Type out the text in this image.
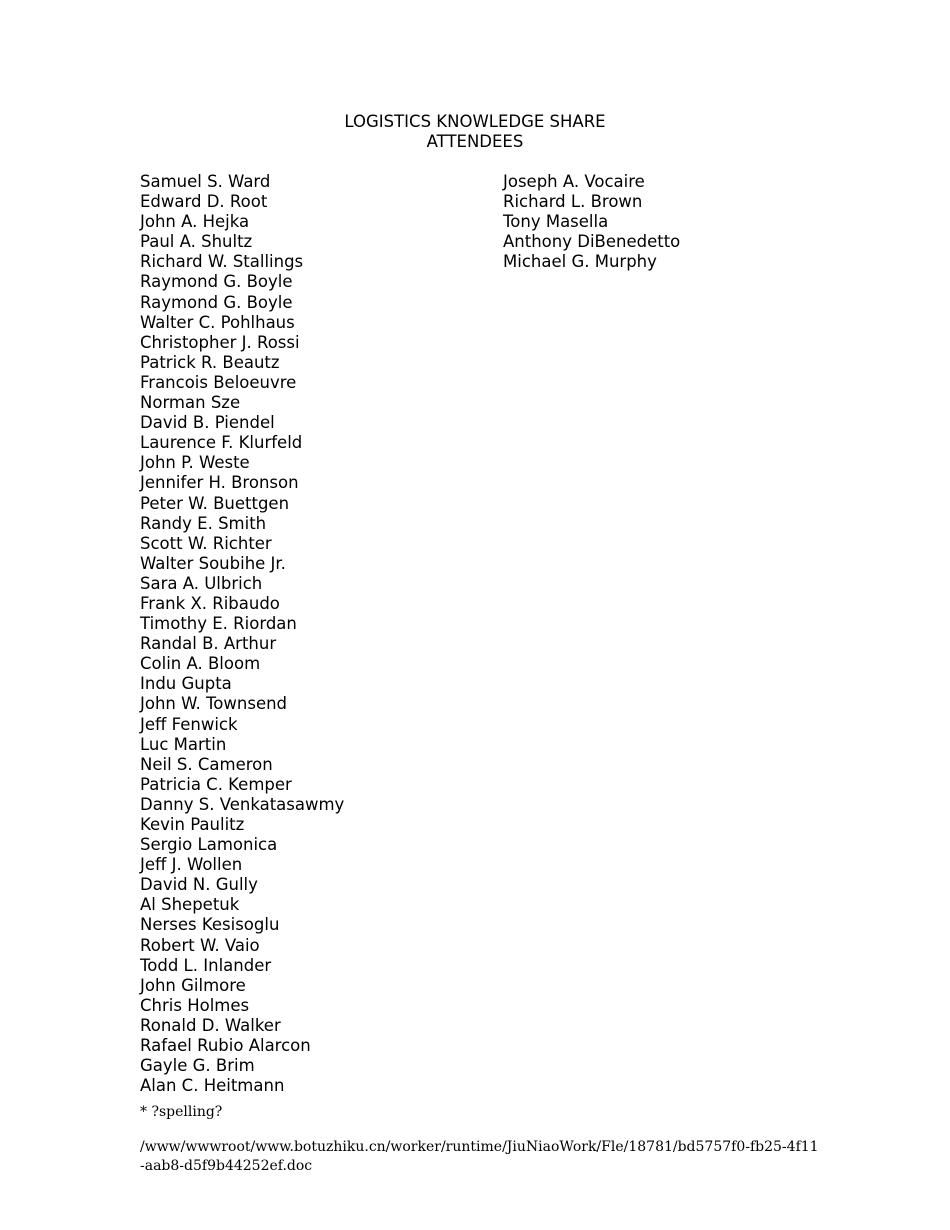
LOGISTICS KNOWLEDGE SHARE
ATTENDEES
Samuel S. Ward
Edward D. Root
John A. Hejka
Paul A. Shultz
Richard W. Stallings
Raymond G. Boyle
Raymond G. Boyle
Walter C. Pohlhaus
Christopher J. Rossi
Patrick R. Beautz
Francois Beloeuvre
Norman Sze
David B. Piendel
Laurence F. Klurfeld
John P. Weste
Jennifer H. Bronson
Peter W. Buettgen
Randy E. Smith
Scott W. Richter
Walter Soubihe Jr.
Sara A. Ulbrich
Frank X. Ribaudo
Timothy E. Riordan
Randal B. Arthur
Colin A. Bloom
Indu Gupta
John W. Townsend
Jeff Fenwick
Luc Martin
Neil S. Cameron
Patricia C. Kemper
Danny S. Venkatasawmy
Kevin Paulitz
Sergio Lamonica
Jeff J. Wollen
David N. Gully
Al Shepetuk
Nerses Kesisoglu
Robert W. Vaio
Todd L. Inlander
John Gilmore
Chris Holmes
Ronald D. Walker
Rafael Rubio Alarcon
Gayle G. Brim
Alan C. Heitmann
Joseph A. Vocaire
Richard L. Brown
Tony Masella
Anthony DiBenedetto
Michael G. Murphy
* ?spelling?
/www/wwwroot/www.botuzhiku.cn/worker/runtime/JiuNiaoWork/Fle/18781/bd5757f0-fb25-4f11-aab8-d5f9b44252ef.doc
